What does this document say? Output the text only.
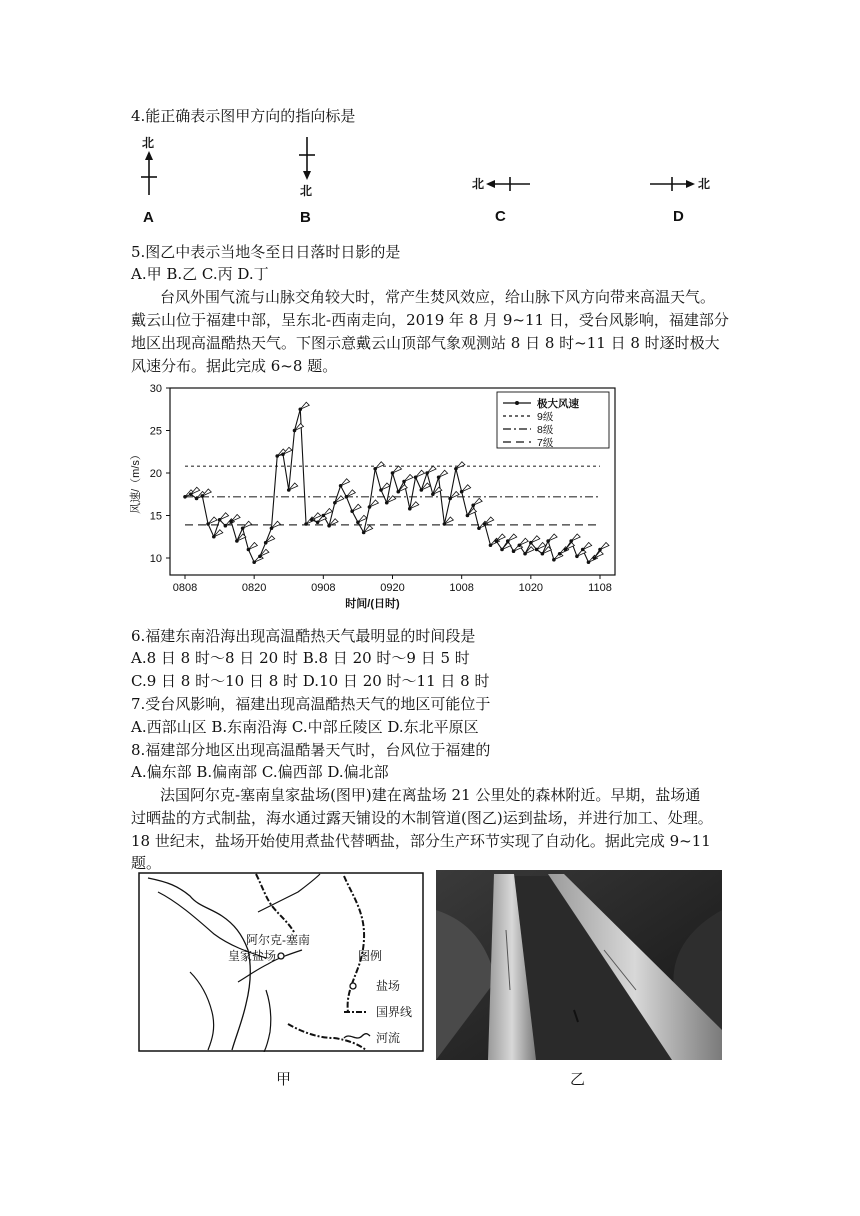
4.能正确表示图甲方向的指向标是
北
A
北
B
北
C
北
D
5.图乙中表示当地冬至日日落时日影的是
A.甲 B.乙 C.丙 D.丁
台风外围气流与山脉交角较大时，常产生焚风效应，给山脉下风方向带来高温天气。
戴云山位于福建中部，呈东北-西南走向，2019 年 8 月 9~11 日，受台风影响，福建部分
地区出现高温酷热天气。下图示意戴云山顶部气象观测站 8 日 8 时~11 日 8 时逐时极大
风速分布。据此完成 6~8 题。
10
15
20
25
30
0808	0820	0908	0920	1008	1020	1108
时间/(日时)
风速/（m/s）
极大风速
9级
8级
7级
6.福建东南沿海出现高温酷热天气最明显的时间段是
A.8 日 8 时～8 日 20 时 B.8 日 20 时～9 日 5 时
C.9 日 8 时～10 日 8 时 D.10 日 20 时～11 日 8 时
7.受台风影响，福建出现高温酷热天气的地区可能位于
A.西部山区 B.东南沿海 C.中部丘陵区 D.东北平原区
8.福建部分地区出现高温酷暑天气时，台风位于福建的
A.偏东部 B.偏南部 C.偏西部 D.偏北部
法国阿尔克-塞南皇家盐场(图甲)建在离盐场 21 公里处的森林附近。早期，盐场通
过晒盐的方式制盐，海水通过露天铺设的木制管道(图乙)运到盐场，并进行加工、处理。
18 世纪末，盐场开始使用煮盐代替晒盐，部分生产环节实现了自动化。据此完成 9~11
题。
阿尔克-塞南
皇家盐场	图例
盐场
国界线
河流
甲	乙
